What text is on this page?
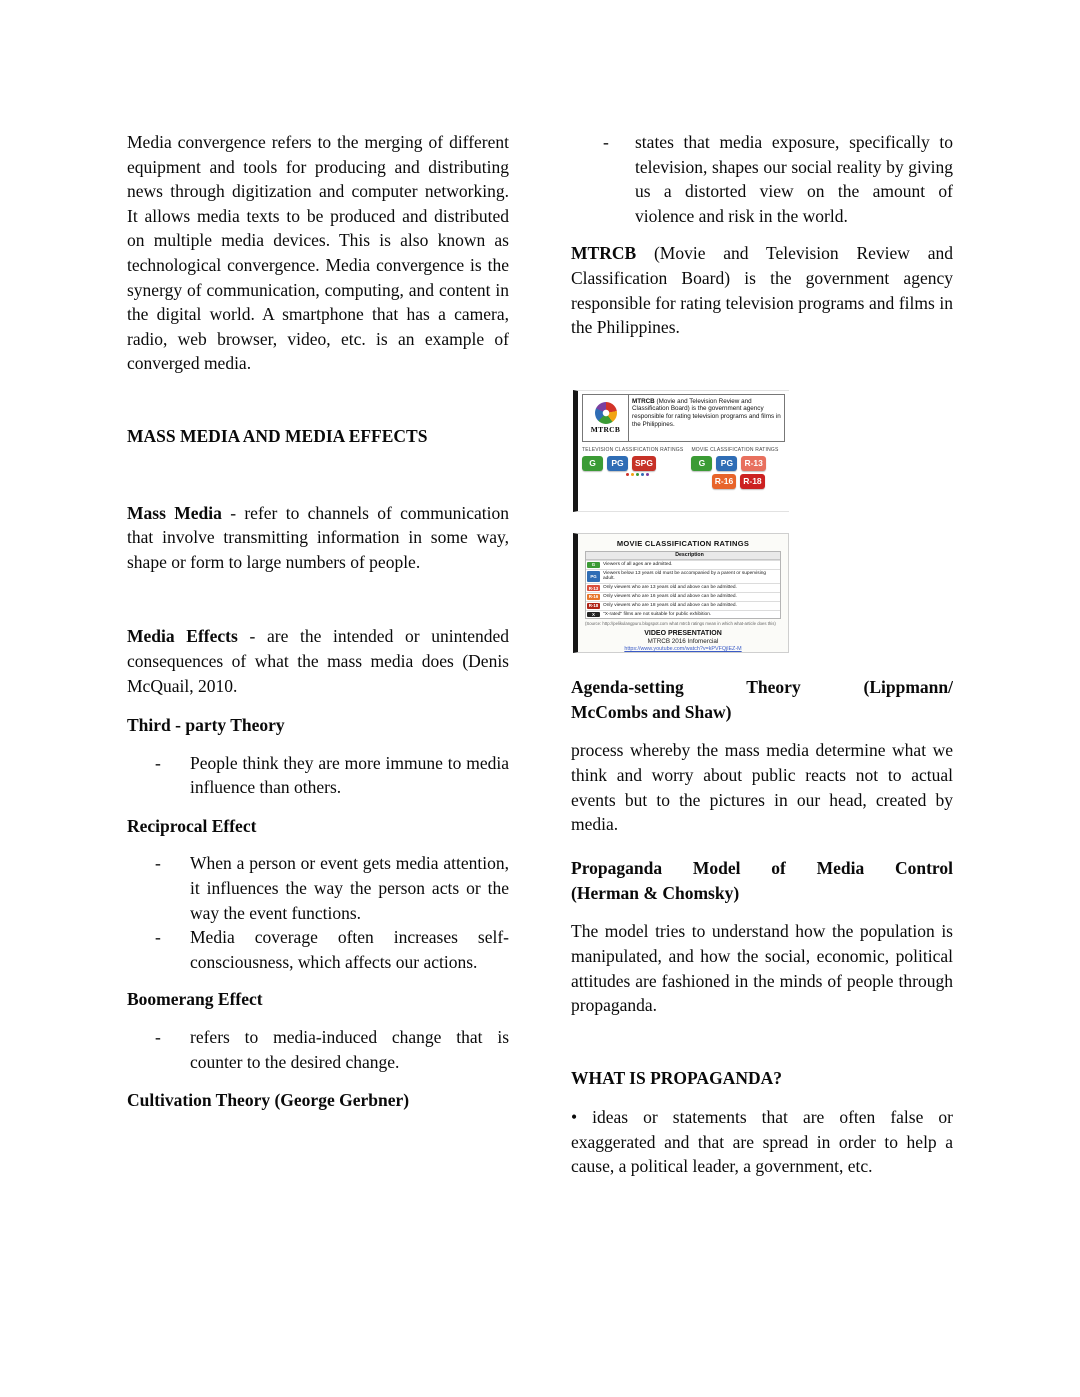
Media convergence refers to the merging of different equipment and tools for producing and distributing news through digitization and computer networking. It allows media texts to be produced and distributed on multiple media devices. This is also known as technological convergence. Media convergence is the synergy of communication, computing, and content in the digital world. A smartphone that has a camera, radio, web browser, video, etc. is an example of converged media.
MASS MEDIA AND MEDIA EFFECTS
Mass Media - refer to channels of communication that involve transmitting information in some way, shape or form to large numbers of people.
Media Effects - are the intended or unintended consequences of what the mass media does (Denis McQuail, 2010.
Third - party Theory
-	People think they are more immune to media influence than others.
Reciprocal Effect
-	When a person or event gets media attention, it influences the way the person acts or the way the event functions.
-	Media coverage often increases self-consciousness, which affects our actions.
Boomerang Effect
-	refers to media-induced change that is counter to the desired change.
Cultivation Theory (George Gerbner)
-	states that media exposure, specifically to television, shapes our social reality by giving us a distorted view on the amount of violence and risk in the world.
MTRCB (Movie and Television Review and Classification Board) is the government agency responsible for rating television programs and films in the Philippines.
MTRCB
MTRCB (Movie and Television Review and Classification Board) is the government agency responsible for rating television programs and films in the Philippines.
TELEVISION CLASSIFICATION RATINGS
G	PG	SPG
MOVIE CLASSIFICATION RATINGS
G	PG	R-13
R-16	R-18
MOVIE CLASSIFICATION RATINGS
Description
G	Viewers of all ages are admitted.
PG
Viewers below 13 years old must be accompanied by a parent or supervising adult.
R-13 Only viewers who are 13 years old and above can be admitted.
R-16 Only viewers who are 16 years old and above can be admitted.
R-18 Only viewers who are 18 years old and above can be admitted.
X	"X-rated" films are not suitable for public exhibition.
(Source: http://pelikulangpuro.blogspot.com what mtrcb ratings mean in which what-article does this)
VIDEO PRESENTATION
MTRCB 2016 Infomercial
https://www.youtube.com/watch?v=kPVFQjlEZ-M
Agenda-setting Theory (Lippmann/
McCombs and Shaw)
process whereby the mass media determine what we think and worry about public reacts not to actual events but to the pictures in our head, created by media.
Propaganda Model of Media Control
(Herman & Chomsky)
The model tries to understand how the population is manipulated, and how the social, economic, political attitudes are fashioned in the minds of people through propaganda.
WHAT IS PROPAGANDA?
• ideas or statements that are often false or exaggerated and that are spread in order to help a cause, a political leader, a government, etc.
